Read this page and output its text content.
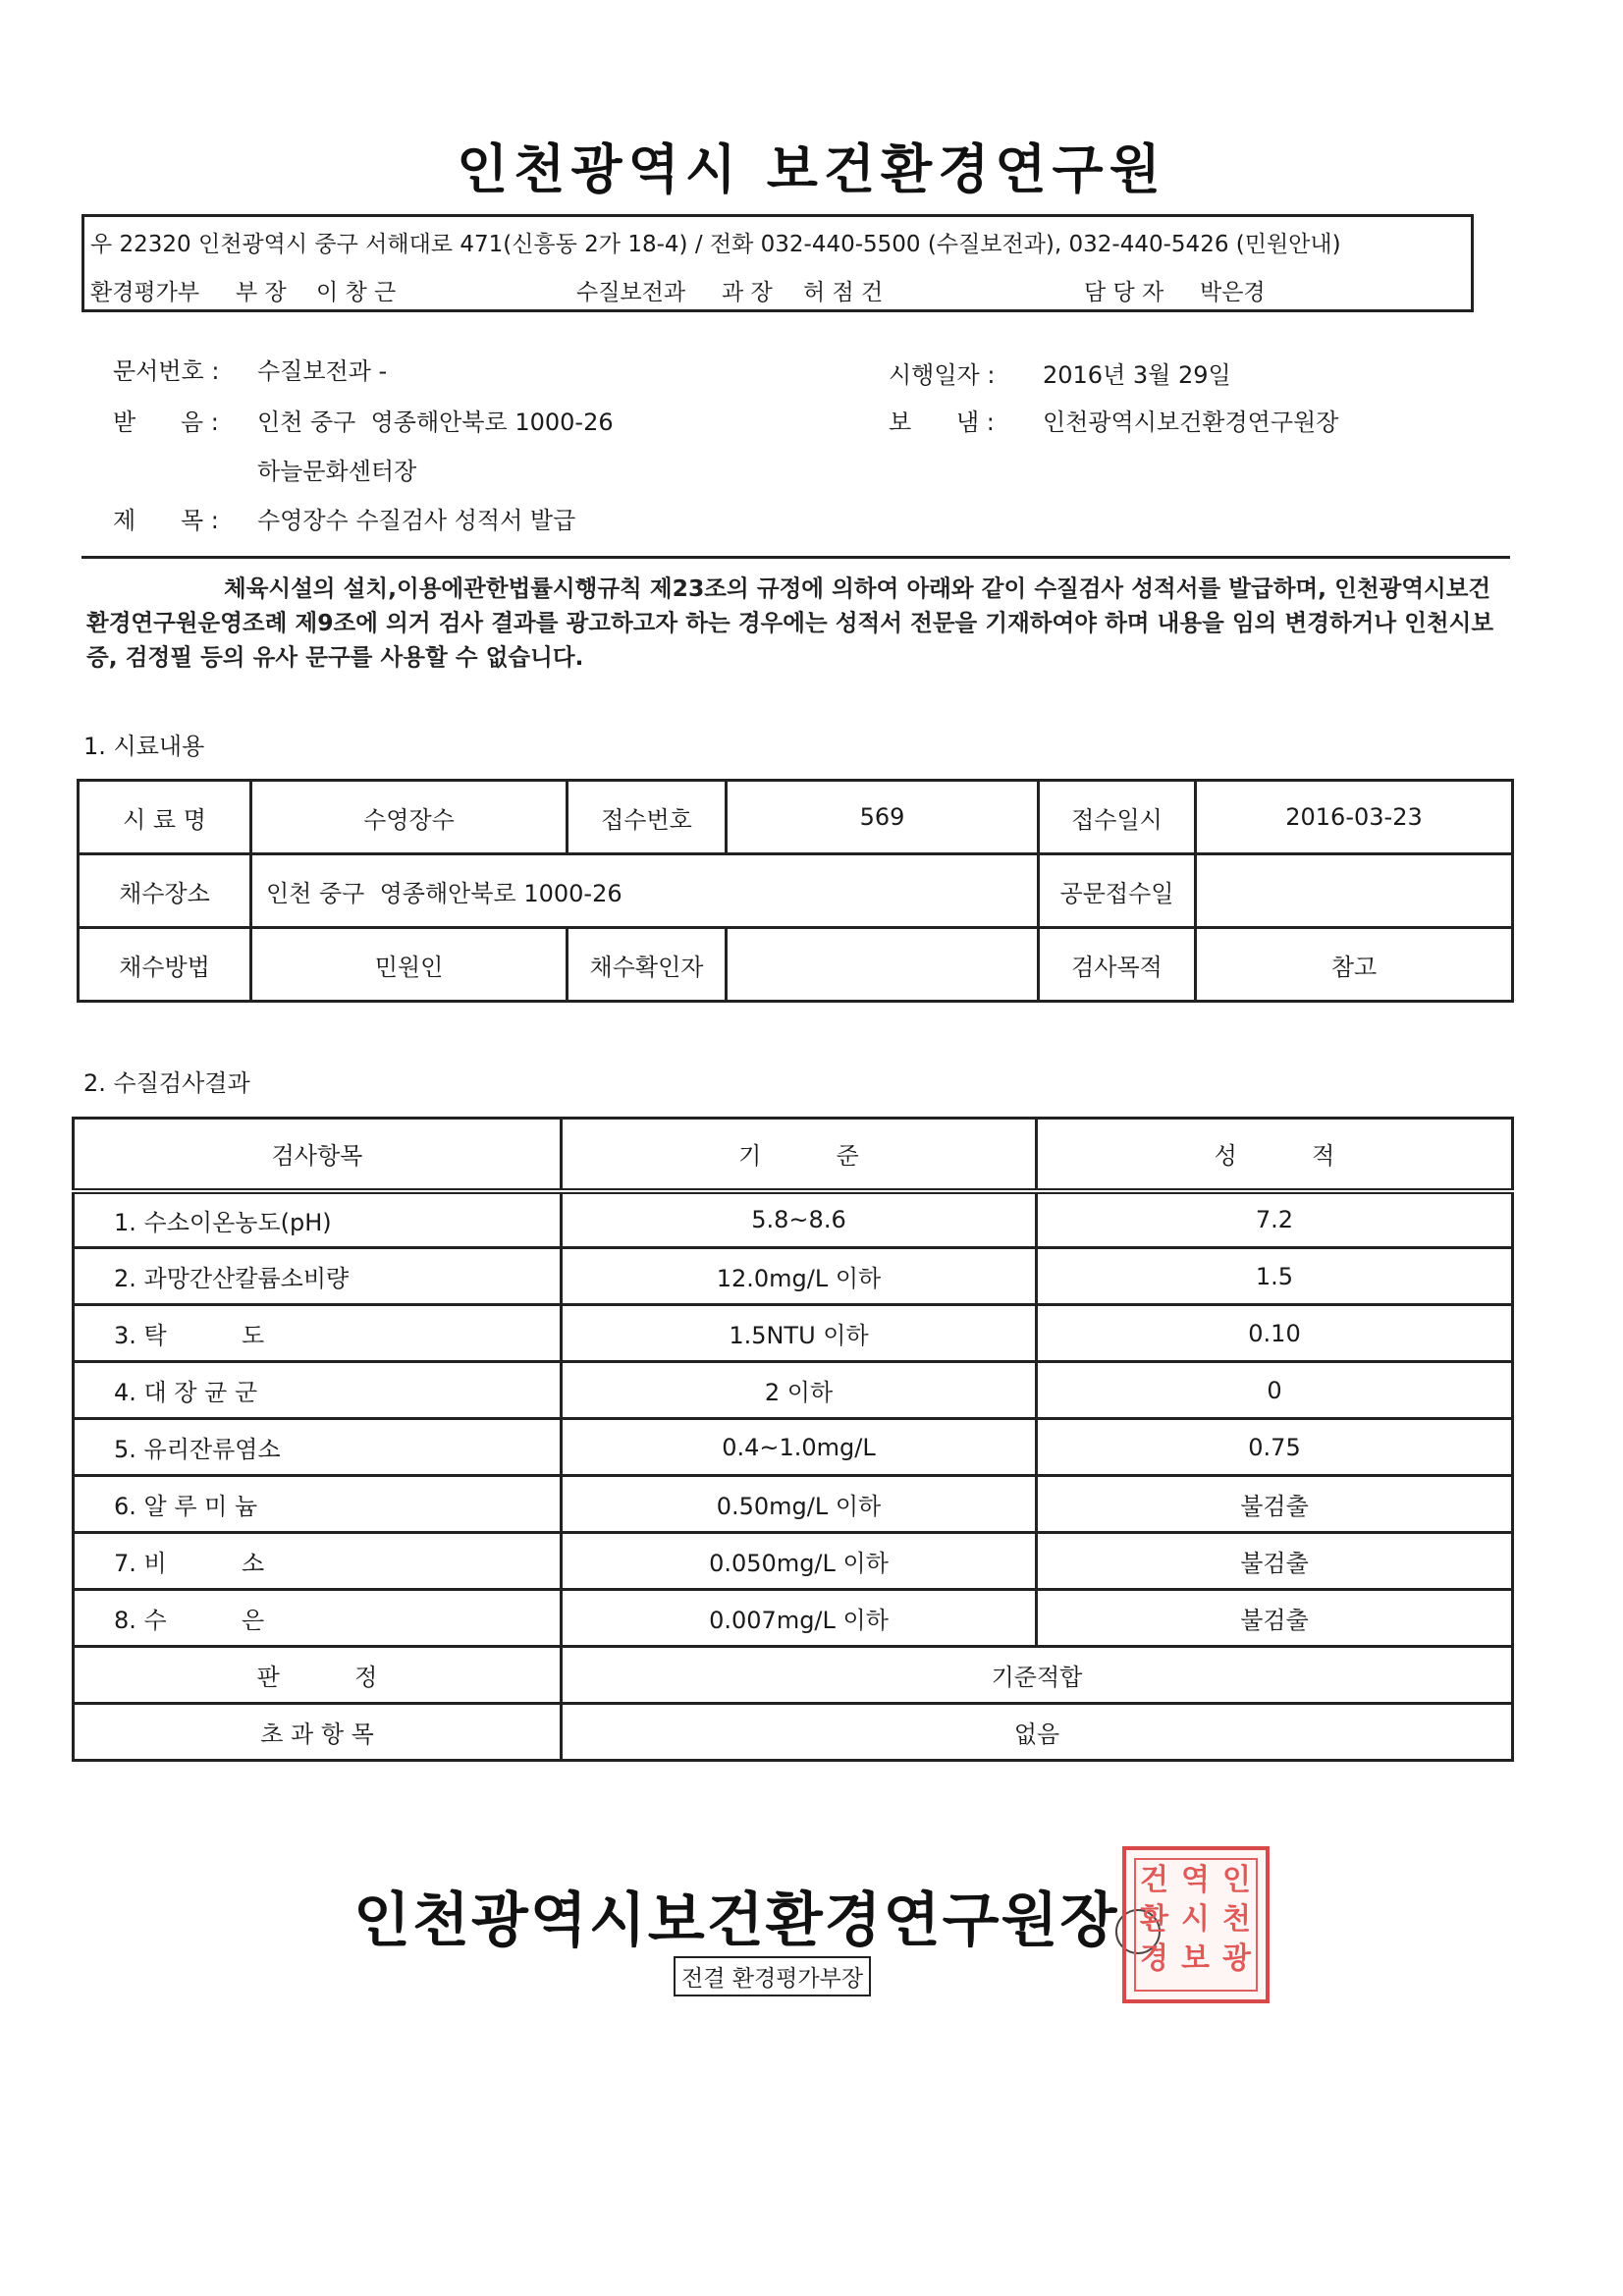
인천광역시 보건환경연구원
우 22320 인천광역시 중구 서해대로 471(신흥동 2가 18-4) / 전화 032-440-5500 (수질보전과), 032-440-5426 (민원안내)
환경평가부 부 장 이 창 근	수질보전과 과 장 허 점 건	담 당 자 박은경
문서번호 : 수질보전과 -	시행일자 : 2016년 3월 29일
받      음 : 인천 중구  영종해안북로 1000-26	보      냄 : 인천광역시보건환경연구원장
하늘문화센터장
제      목 : 수영장수 수질검사 성적서 발급
체육시설의 설치,이용에관한법률시행규칙 제23조의 규정에 의하여 아래와 같이 수질검사 성적서를 발급하며, 인천광역시보건환경연구원운영조례 제9조에 의거 검사 결과를 광고하고자 하는 경우에는 성적서 전문을 기재하여야 하며 내용을 임의 변경하거나 인천시보증, 검정필 등의 유사 문구를 사용할 수 없습니다.
1. 시료내용
시 료 명	수영장수	접수번호	569	접수일시	2016-03-23
채수장소	인천 중구  영종해안북로 1000-26			공문접수일	
채수방법	민원인	채수확인자		검사목적	참고
2. 수질검사결과
검사항목	기          준	성          적
1. 수소이온농도(pH)	5.8~8.6	7.2
2. 과망간산칼륨소비량	12.0mg/L 이하	1.5
3. 탁          도	1.5NTU 이하	0.10
4. 대 장 균 군	2 이하	0
5. 유리잔류염소	0.4~1.0mg/L	0.75
6. 알 루 미 늄	0.50mg/L 이하	불검출
7. 비          소	0.050mg/L 이하	불검출
8. 수          은	0.007mg/L 이하	불검출
판          정	기준적합	
초 과 항 목	없음	
인천광역시보건환경연구원장
전결 환경평가부장
인
천
광
역
시
보
건
환
경
